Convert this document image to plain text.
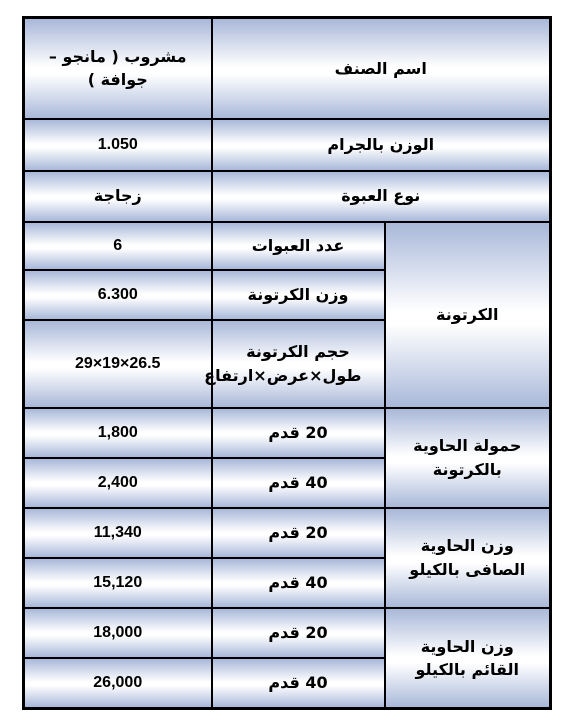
اسم الصنف		مشروب ( مانجو – جوافة )
الوزن بالجرام		1.050
نوع العبوة		زجاجة
الكرتونة	عدد العبوات	6
	وزن الكرتونة	6.300
	حجم الكرتونة طول×عرض×ارتفاع	26.5×19×29
حمولة الحاوية بالكرتونة	20 قدم	1,800
	40 قدم	2,400
وزن الحاوية الصافى بالكيلو	20 قدم	11,340
	40 قدم	15,120
وزن الحاوية القائم بالكيلو	20 قدم	18,000
	40 قدم	26,000
